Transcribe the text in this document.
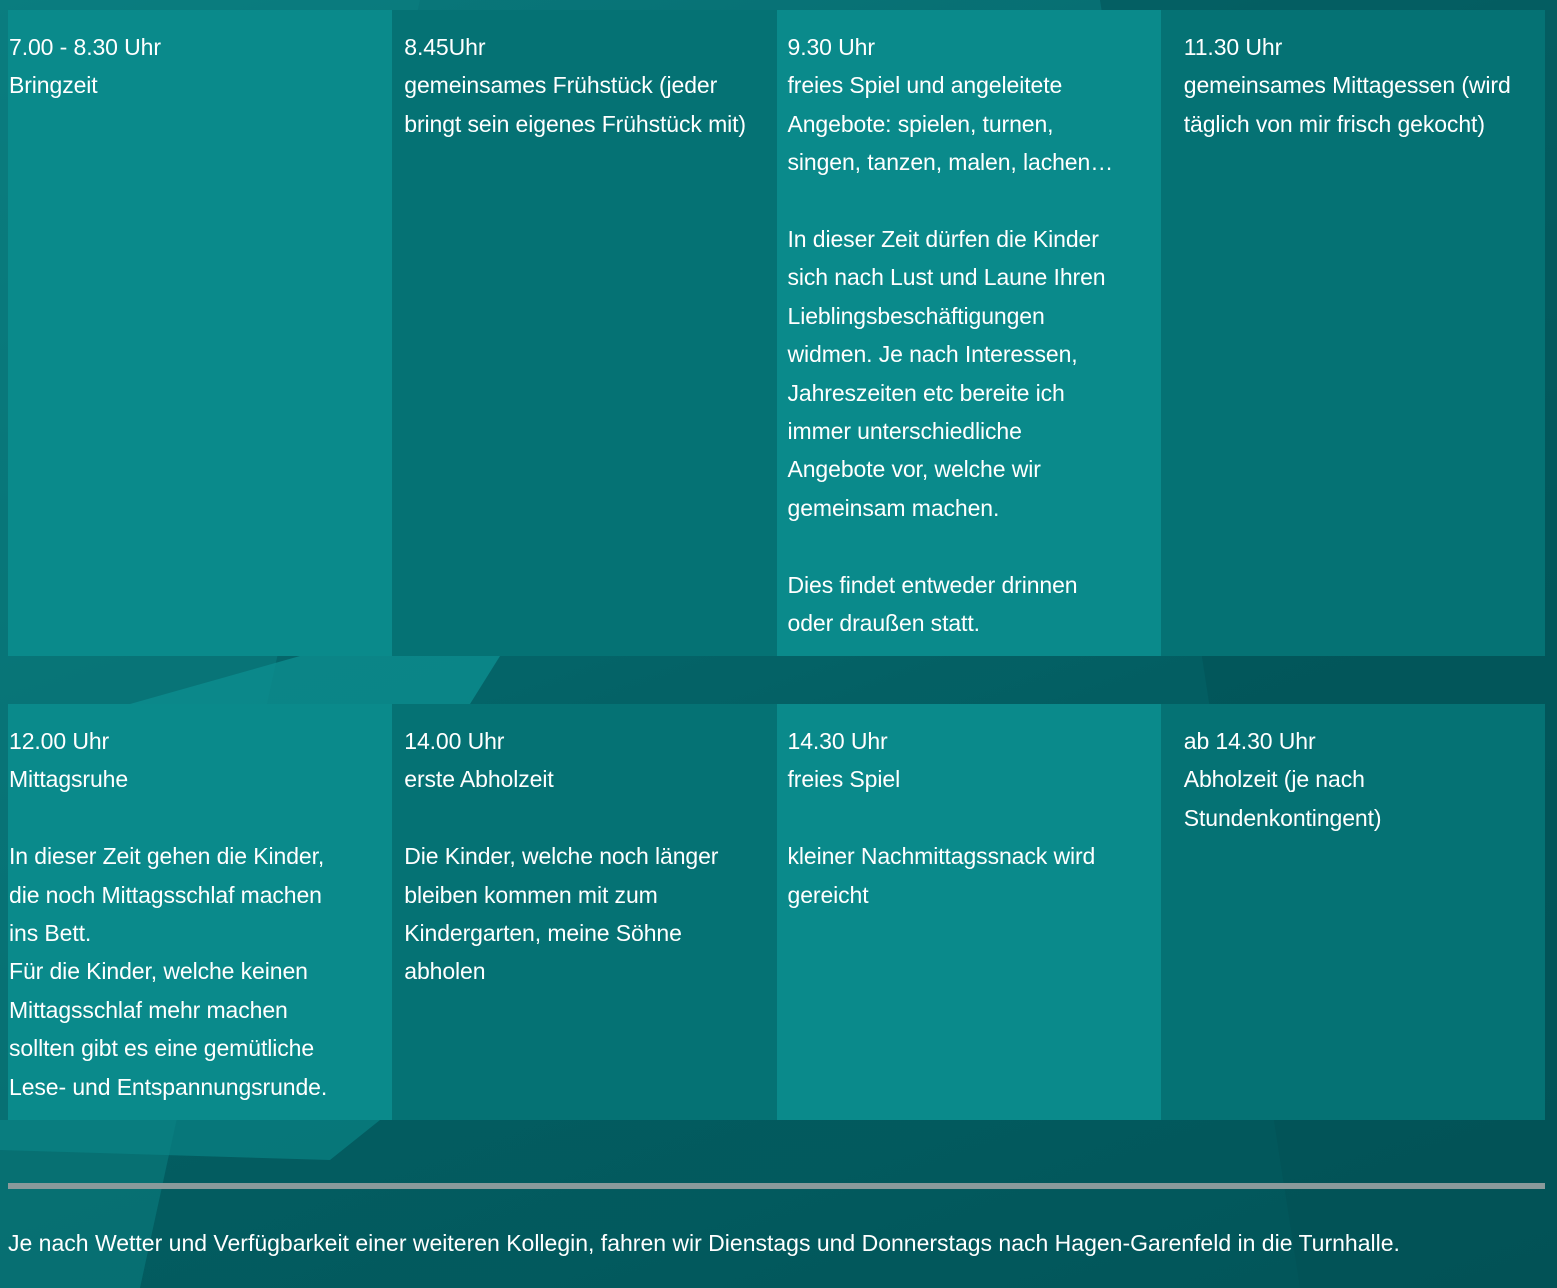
7.00 - 8.30 Uhr
Bringzeit
8.45Uhr
gemeinsames Frühstück (jeder
bringt sein eigenes Frühstück mit)
9.30 Uhr
freies Spiel und angeleitete
Angebote: spielen, turnen,
singen, tanzen, malen, lachen…
In dieser Zeit dürfen die Kinder
sich nach Lust und Laune Ihren
Lieblingsbeschäftigungen
widmen. Je nach Interessen,
Jahreszeiten etc bereite ich
immer unterschiedliche
Angebote vor, welche wir
gemeinsam machen.
Dies findet entweder drinnen
oder draußen statt.
11.30 Uhr
gemeinsames Mittagessen (wird
täglich von mir frisch gekocht)
12.00 Uhr
Mittagsruhe
In dieser Zeit gehen die Kinder,
die noch Mittagsschlaf machen
ins Bett.
Für die Kinder, welche keinen
Mittagsschlaf mehr machen
sollten gibt es eine gemütliche
Lese- und Entspannungsrunde.
14.00 Uhr
erste Abholzeit
Die Kinder, welche noch länger
bleiben kommen mit zum
Kindergarten, meine Söhne
abholen
14.30 Uhr
freies Spiel
kleiner Nachmittagssnack wird
gereicht
ab 14.30 Uhr
Abholzeit (je nach
Stundenkontingent)
Je nach Wetter und Verfügbarkeit einer weiteren Kollegin, fahren wir Dienstags und Donnerstags nach Hagen-Garenfeld in die Turnhalle.
